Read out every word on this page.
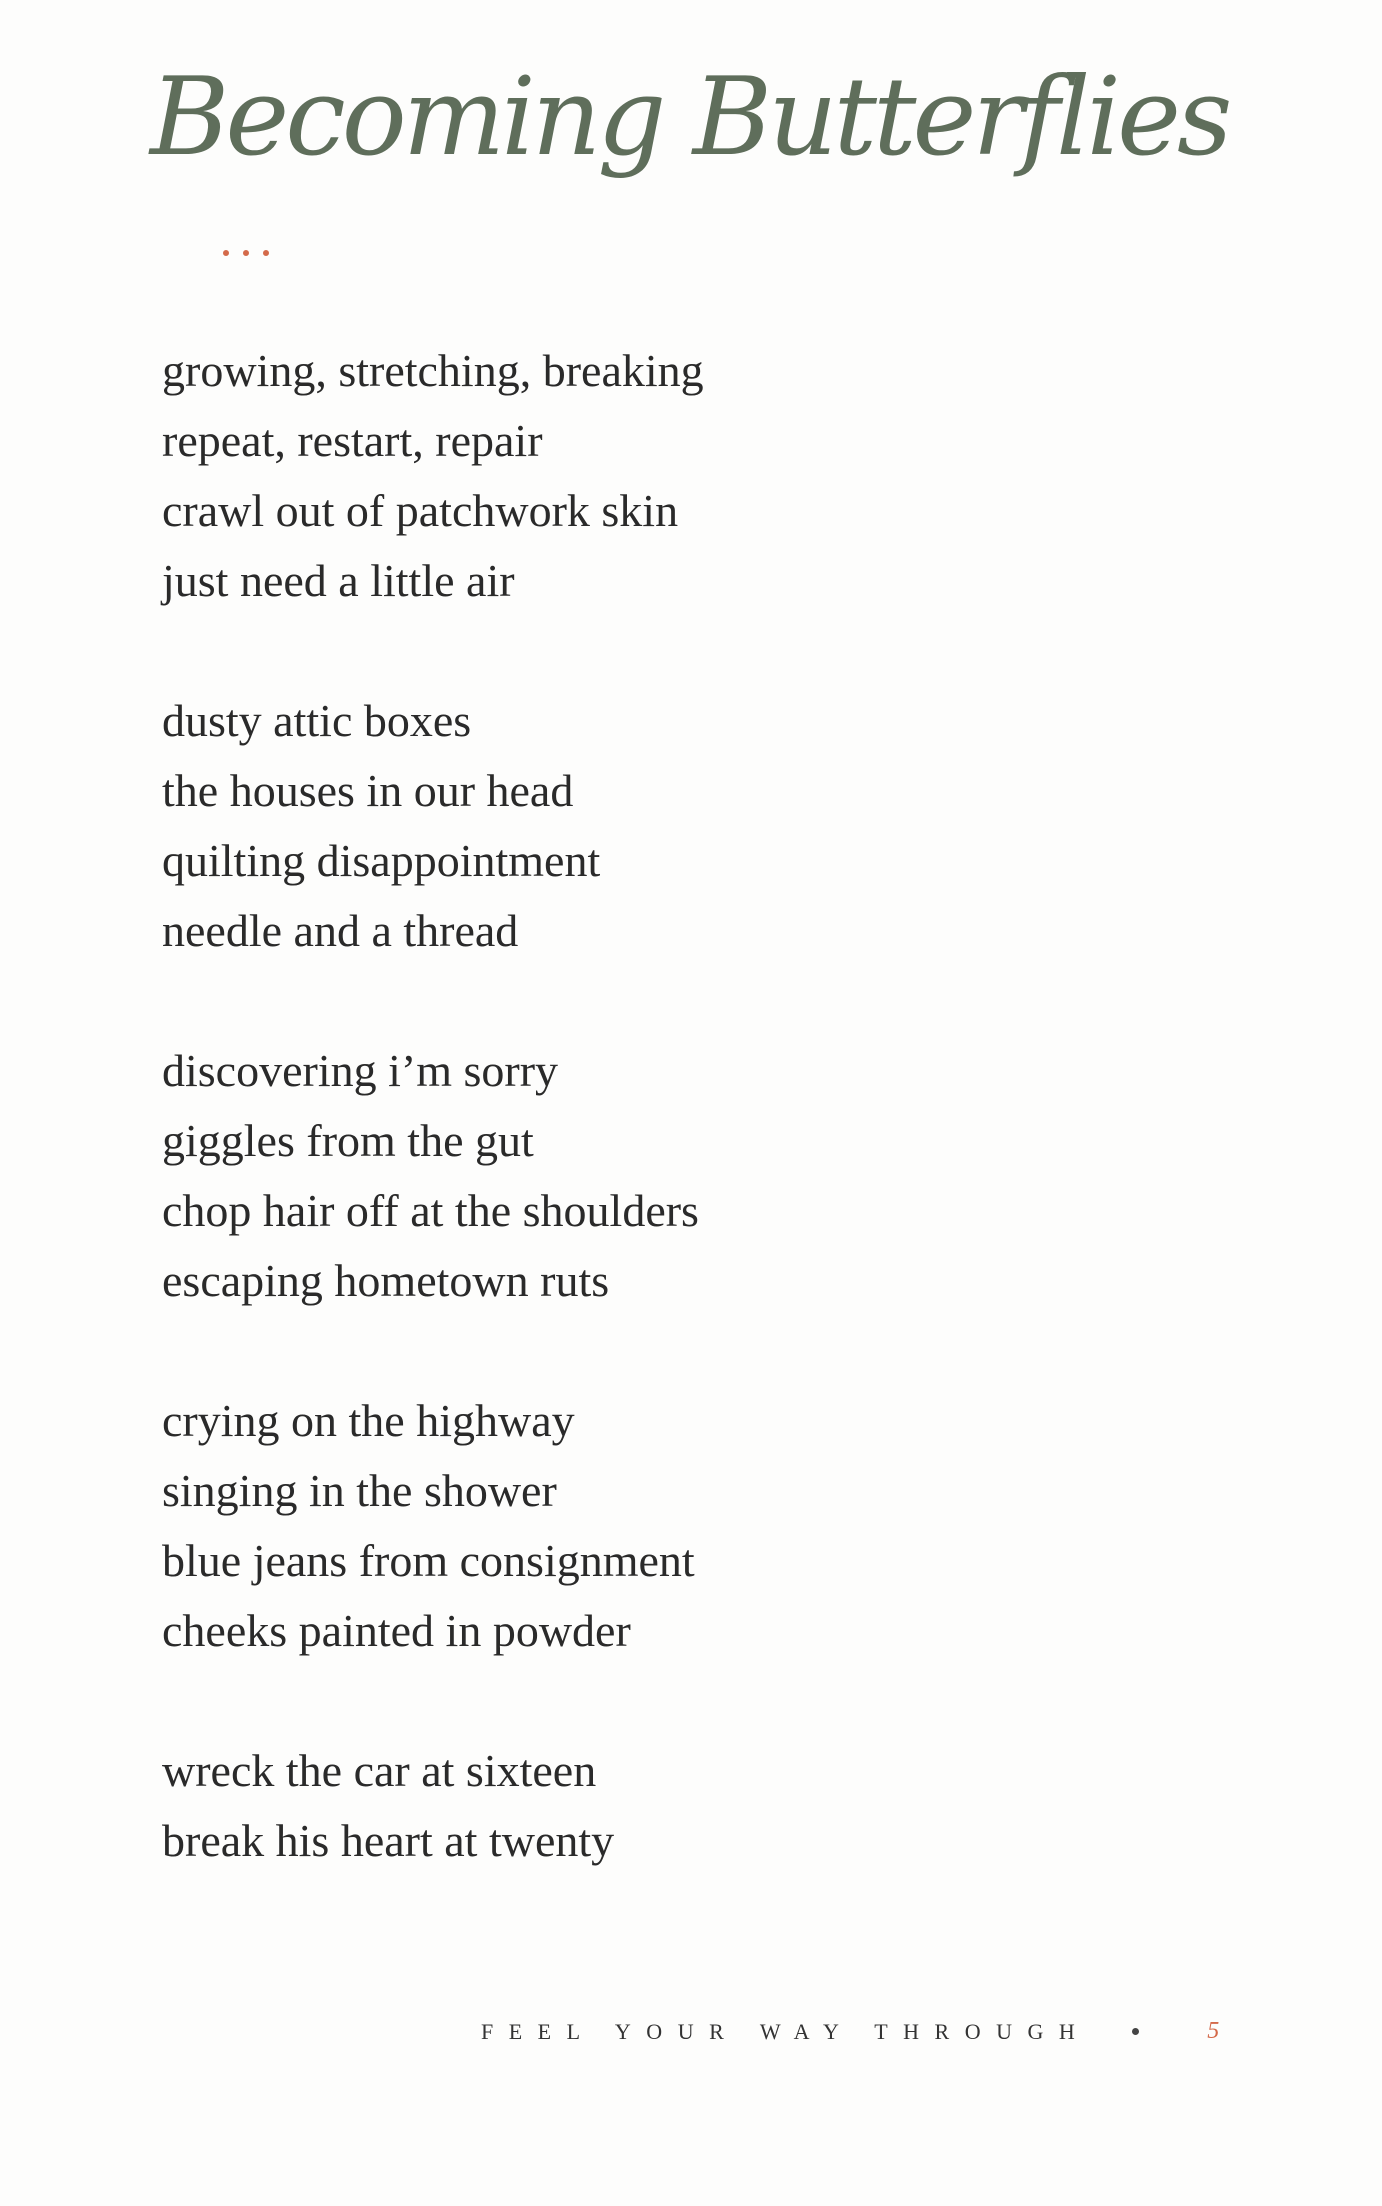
Becoming Butterflies
growing, stretching, breaking
repeat, restart, repair
crawl out of patchwork skin
just need a little air
dusty attic boxes
the houses in our head
quilting disappointment
needle and a thread
discovering i’m sorry
giggles from the gut
chop hair off at the shoulders
escaping hometown ruts
crying on the highway
singing in the shower
blue jeans from consignment
cheeks painted in powder
wreck the car at sixteen
break his heart at twenty
FEEL YOUR WAY THROUGH	5
